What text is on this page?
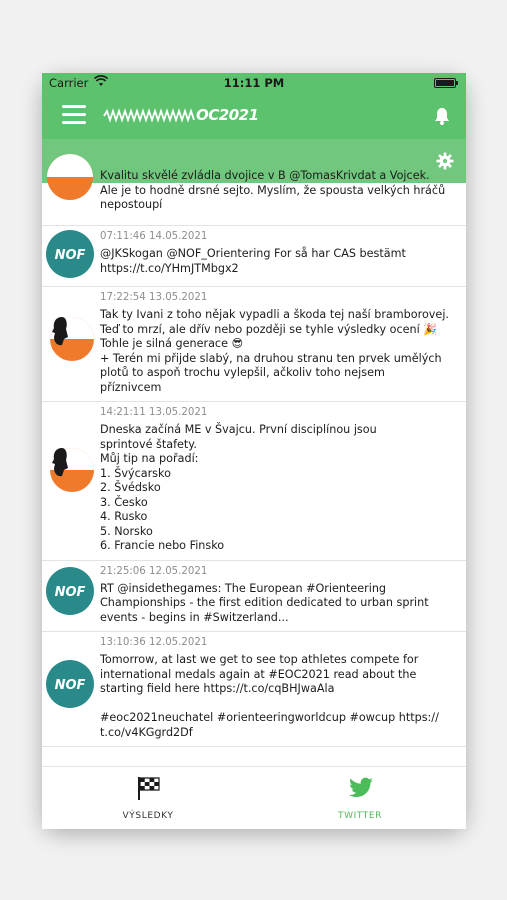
Carrier	11:11 PM
OC2021
Kvalitu skvělé zvládla dvojice v B @TomasKrivdat a Vojcek.
Ale je to hodně drsné sejto. Myslím, že spousta velkých hráčů
nepostoupí
NOF
07:11:46 14.05.2021
@JKSkogan @NOF_Orientering For så har CAS bestämt
https://t.co/YHmJTMbgx2
17:22:54 13.05.2021
Tak ty Ivani z toho nějak vypadli a škoda tej naší bramborovej.
Teď to mrzí, ale dřív nebo později se tyhle výsledky ocení 🎉
Tohle je silná generace 😎
+ Terén mi přijde slabý, na druhou stranu ten prvek umělých
plotů to aspoň trochu vylepšil, ačkoliv toho nejsem
příznivcem
14:21:11 13.05.2021
Dneska začíná ME v Švajcu. První disciplínou jsou
sprintové štafety.
Můj tip na pořadí:
1. Švýcarsko
2. Švédsko
3. Česko
4. Rusko
5. Norsko
6. Francie nebo Finsko
NOF
21:25:06 12.05.2021
RT @insidethegames: The European #Orienteering
Championships - the first edition dedicated to urban sprint
events - begins in #Switzerland...
NOF
13:10:36 12.05.2021
Tomorrow, at last we get to see top athletes compete for
international medals again at #EOC2021 read about the
starting field here https://t.co/cqBHJwaAla

#eoc2021neuchatel #orienteeringworldcup #owcup https://
t.co/v4KGgrd2Df
VÝSLEDKY	TWITTER
